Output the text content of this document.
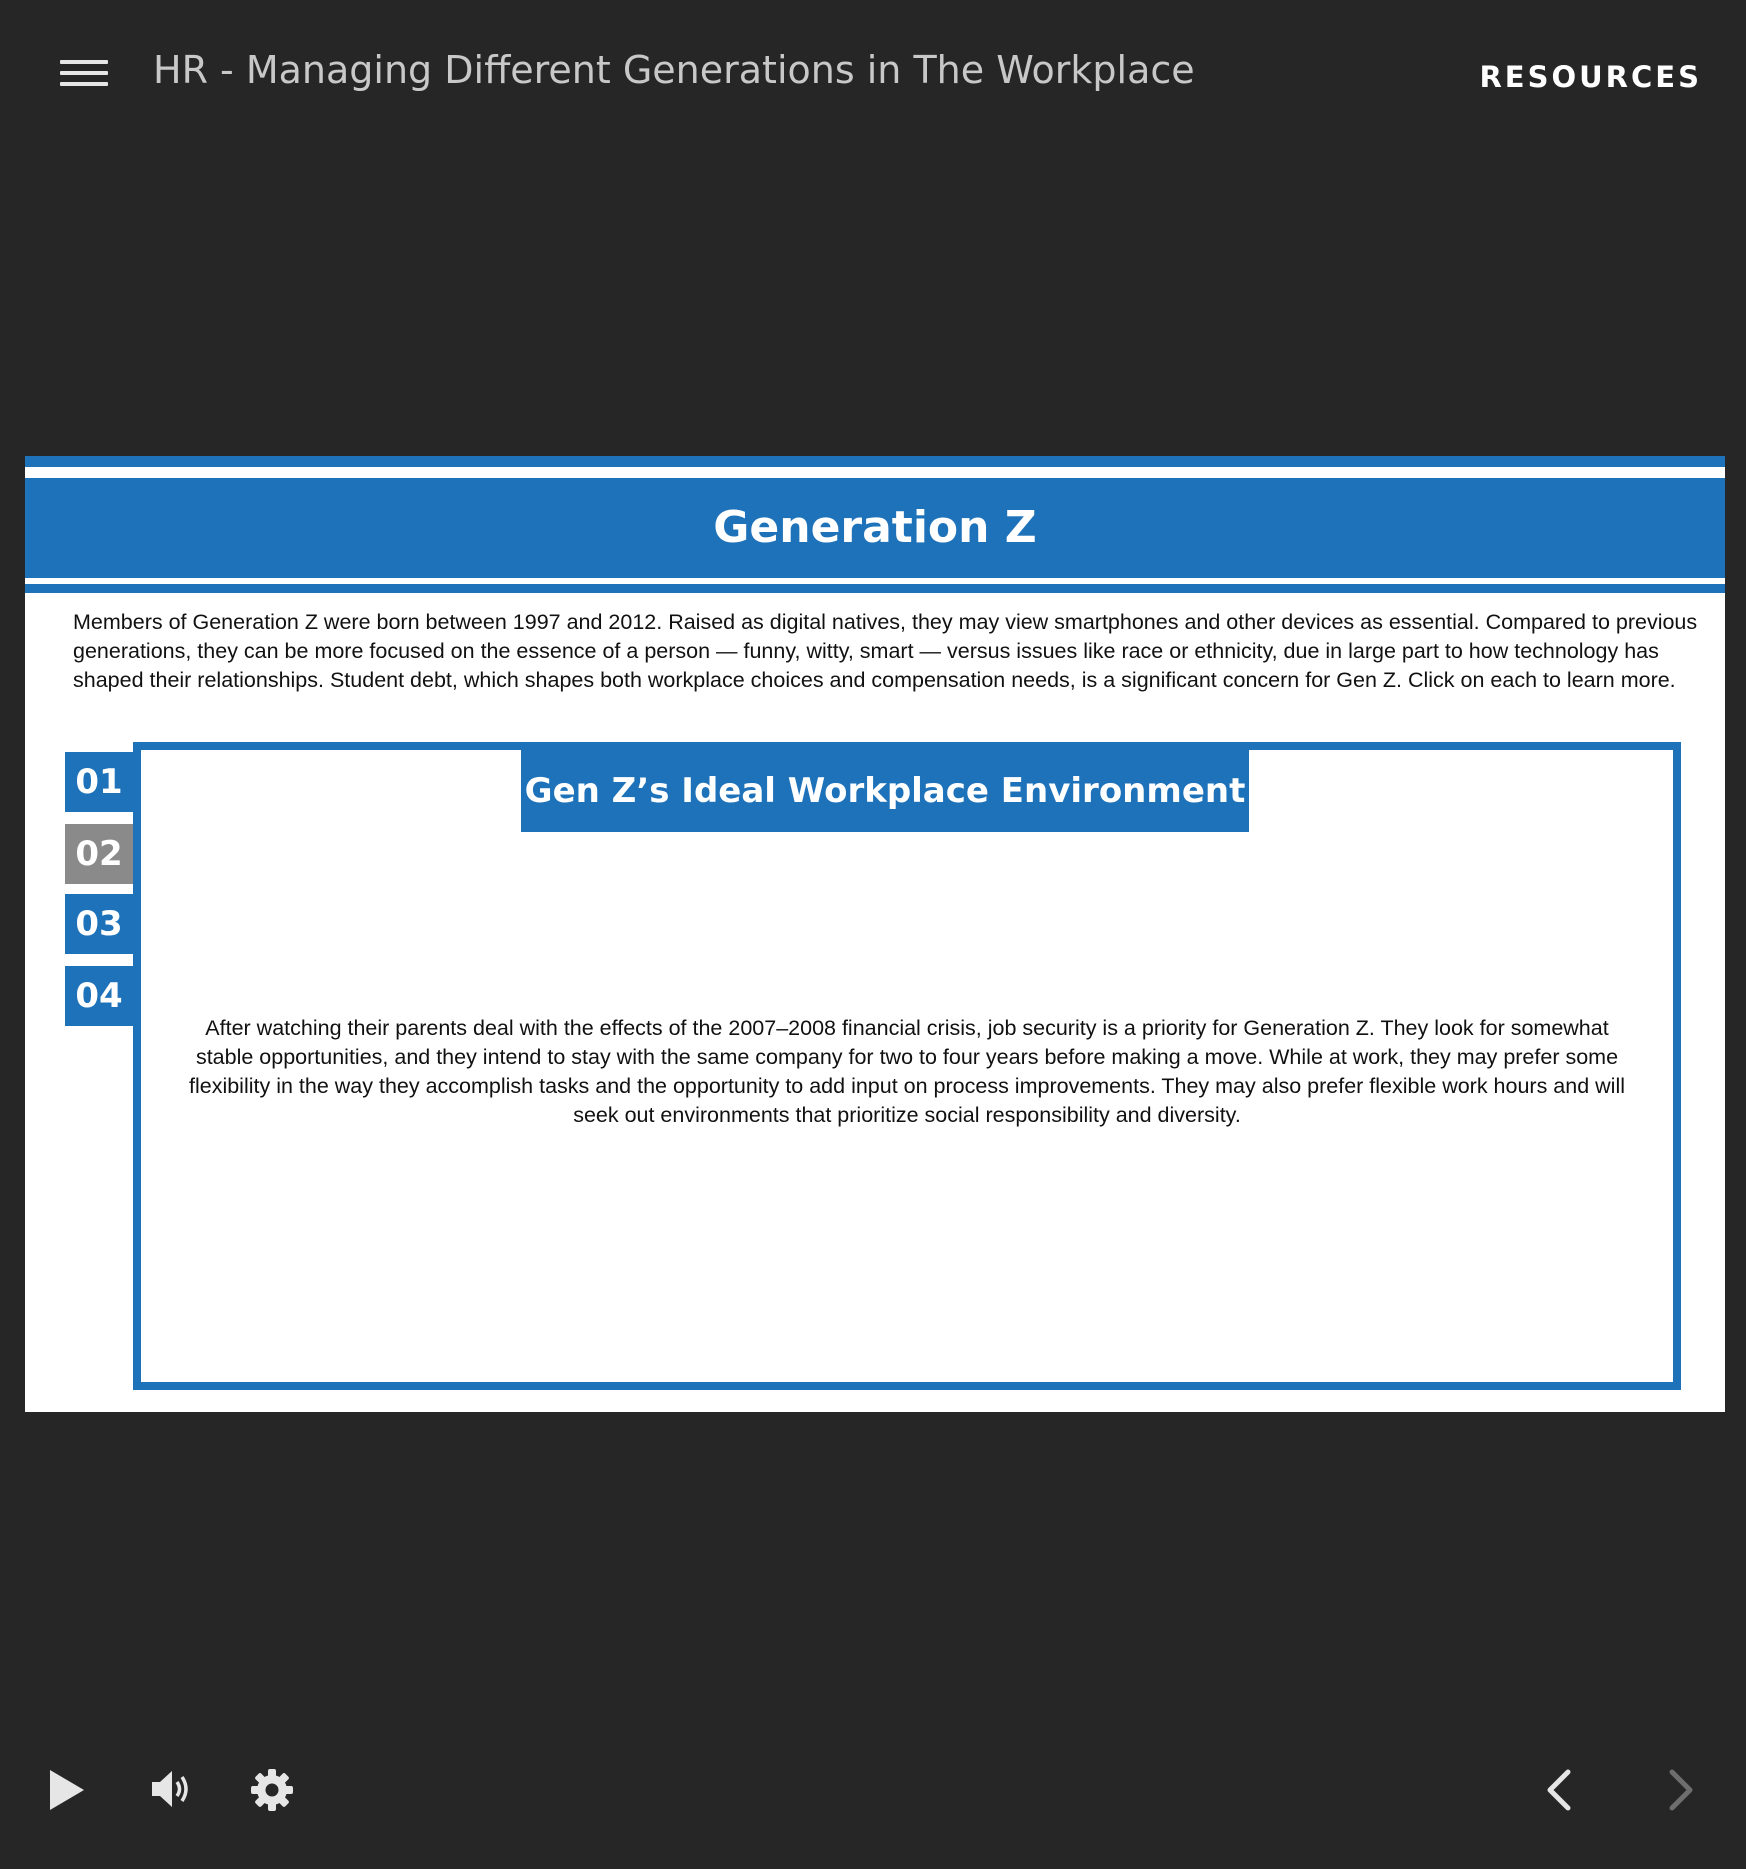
HR - Managing Different Generations in The Workplace	RESOURCES
Generation Z
Members of Generation Z were born between 1997 and 2012. Raised as digital natives, they may view smartphones and other devices as essential. Compared to previous generations, they can be more focused on the essence of a person — funny, witty, smart — versus issues like race or ethnicity, due in large part to how technology has shaped their relationships. Student debt, which shapes both workplace choices and compensation needs, is a significant concern for Gen Z. Click on each to learn more.
01
02
03
04
Gen Z’s Ideal Workplace Environment
After watching their parents deal with the effects of the 2007–2008 financial crisis, job security is a priority for Generation Z. They look for somewhat stable opportunities, and they intend to stay with the same company for two to four years before making a move. While at work, they may prefer some flexibility in the way they accomplish tasks and the opportunity to add input on process improvements. They may also prefer flexible work hours and will seek out environments that prioritize social responsibility and diversity.
